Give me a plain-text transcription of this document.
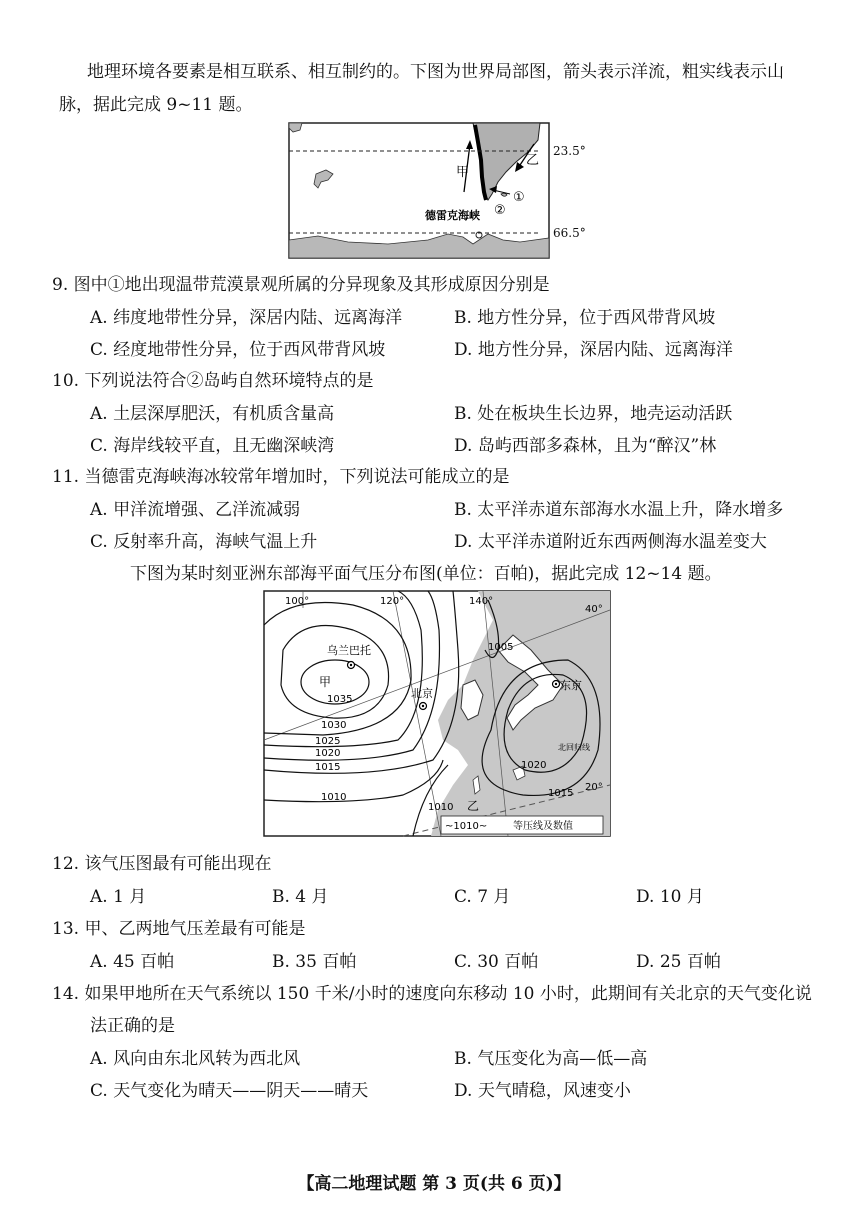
地理环境各要素是相互联系、相互制约的。下图为世界局部图，箭头表示洋流，粗实线表示山
脉，据此完成 9~11 题。
甲
乙
①
②
德雷克海峡
23.5°
66.5°
9. 图中①地出现温带荒漠景观所属的分异现象及其形成原因分别是
A. 纬度地带性分异，深居内陆、远离海洋	B. 地方性分异，位于西风带背风坡
C. 经度地带性分异，位于西风带背风坡	D. 地方性分异，深居内陆、远离海洋
10. 下列说法符合②岛屿自然环境特点的是
A. 土层深厚肥沃，有机质含量高	B. 处在板块生长边界，地壳运动活跃
C. 海岸线较平直，且无幽深峡湾	D. 岛屿西部多森林，且为“醉汉”林
11. 当德雷克海峡海冰较常年增加时，下列说法可能成立的是
A. 甲洋流增强、乙洋流减弱	B. 太平洋赤道东部海水水温上升，降水增多
C. 反射率升高，海峡气温上升	D. 太平洋赤道附近东西两侧海水温差变大
下图为某时刻亚洲东部海平面气压分布图(单位：百帕)，据此完成 12~14 题。
100°	120°	140°
40°
20°
乌兰巴托
北京
东京
甲
乙
1035
1030
1025
1020
1015
1010
1005
1010
1020
1015
北回归线
~1010~	等压线及数值
12. 该气压图最有可能出现在
A. 1 月	B. 4 月	C. 7 月	D. 10 月
13. 甲、乙两地气压差最有可能是
A. 45 百帕	B. 35 百帕	C. 30 百帕	D. 25 百帕
14. 如果甲地所在天气系统以 150 千米/小时的速度向东移动 10 小时，此期间有关北京的天气变化说
法正确的是
A. 风向由东北风转为西北风	B. 气压变化为高—低—高
C. 天气变化为晴天——阴天——晴天	D. 天气晴稳，风速变小
【高二地理试题 第 3 页(共 6 页)】
